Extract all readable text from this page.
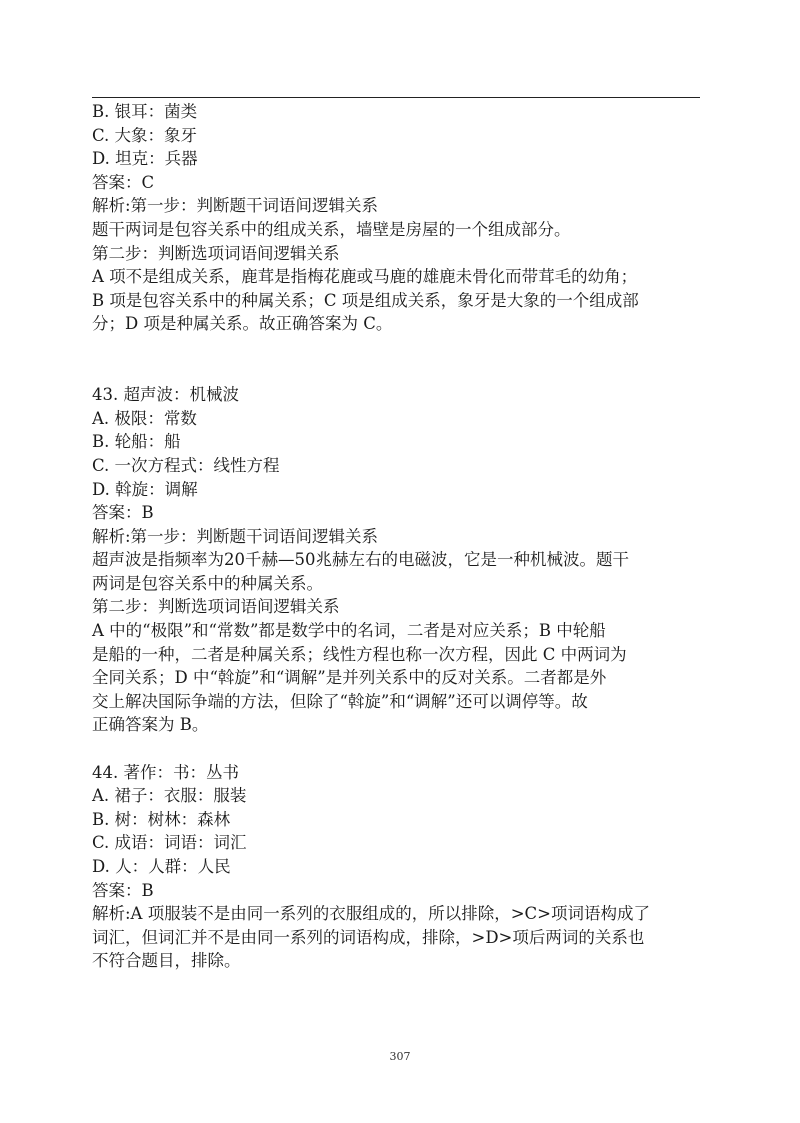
B. 银耳：菌类
C. 大象：象牙
D. 坦克：兵器
答案：C
解析:第一步：判断题干词语间逻辑关系
题干两词是包容关系中的组成关系，墙壁是房屋的一个组成部分。
第二步：判断选项词语间逻辑关系
A 项不是组成关系，鹿茸是指梅花鹿或马鹿的雄鹿未骨化而带茸毛的幼角；
B 项是包容关系中的种属关系；C 项是组成关系，象牙是大象的一个组成部
分；D 项是种属关系。故正确答案为 C。
43. 超声波：机械波
A. 极限：常数
B. 轮船：船
C. 一次方程式：线性方程
D. 斡旋：调解
答案：B
解析:第一步：判断题干词语间逻辑关系
超声波是指频率为20千赫—50兆赫左右的电磁波，它是一种机械波。题干
两词是包容关系中的种属关系。
第二步：判断选项词语间逻辑关系
A 中的“极限”和“常数”都是数学中的名词，二者是对应关系；B 中轮船
是船的一种，二者是种属关系；线性方程也称一次方程，因此 C 中两词为
全同关系；D 中“斡旋”和“调解”是并列关系中的反对关系。二者都是外
交上解决国际争端的方法，但除了“斡旋”和“调解”还可以调停等。故
正确答案为 B。
44. 著作：书：丛书
A. 裙子：衣服：服装
B. 树：树林：森林
C. 成语：词语：词汇
D. 人：人群：人民
答案：B
解析:A 项服装不是由同一系列的衣服组成的，所以排除，>C>项词语构成了
词汇，但词汇并不是由同一系列的词语构成，排除，>D>项后两词的关系也
不符合题目，排除。
307
